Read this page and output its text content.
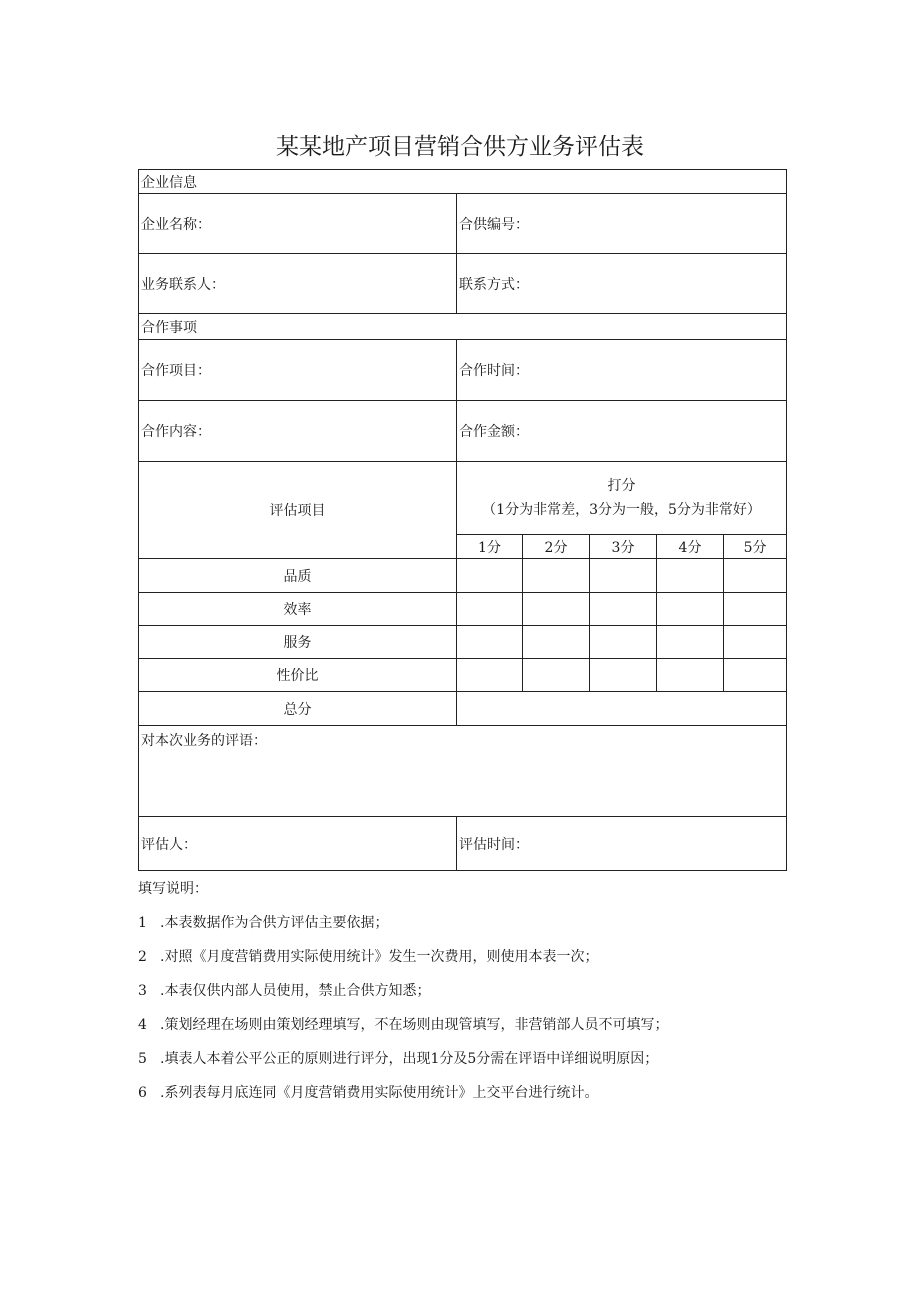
某某地产项目营销合供方业务评估表
企业信息					
企业名称：	合供编号：				
业务联系人：	联系方式：				
合作事项					
合作项目：	合作时间：				
合作内容：	合作金额：				
评估项目	打分
（1分为非常差，3分为一般，5分为非常好）				

	1分	2分	3分	4分	5分
品质					
效率					
服务					
性价比					
总分					
对本次业务的评语：					
评估人：	评估时间：				
填写说明：
1 .本表数据作为合供方评估主要依据；
2 .对照《月度营销费用实际使用统计》发生一次费用，则使用本表一次；
3 .本表仅供内部人员使用，禁止合供方知悉；
4 .策划经理在场则由策划经理填写，不在场则由现管填写，非营销部人员不可填写；
5 .填表人本着公平公正的原则进行评分，出现1分及5分需在评语中详细说明原因；
6 .系列表每月底连同《月度营销费用实际使用统计》上交平台进行统计。
